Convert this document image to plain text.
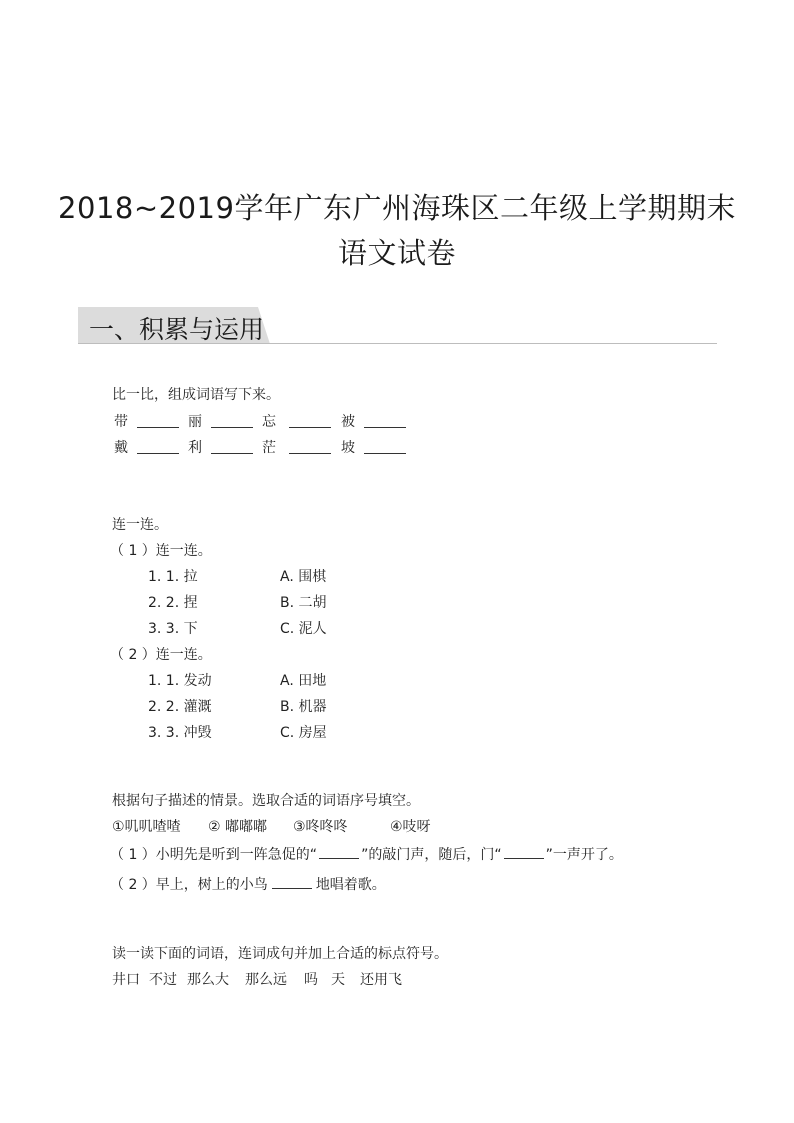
2018~2019学年广东广州海珠区二年级上学期期末
语文试卷
一、积累与运用
比一比，组成词语写下来。
带	丽	忘	被
戴	利	茫	坡
连一连。
（ 1 ）连一连。
1. 1. 拉	A. 围棋
2. 2. 捏	B. 二胡
3. 3. 下	C. 泥人
（ 2 ）连一连。
1. 1. 发动	A. 田地
2. 2. 灌溉	B. 机器
3. 3. 冲毁	C. 房屋
根据句子描述的情景。选取合适的词语序号填空。
①叽叽喳喳 ② 嘟嘟嘟 ③咚咚咚	④吱呀
（ 1 ）小明先是听到一阵急促的“	”的敲门声，随后，门“	”一声开了。
（ 2 ）早上，树上的小鸟	地唱着歌。
读一读下面的词语，连词成句并加上合适的标点符号。
井口 不过 那么大 那么远 吗 天 还用飞
